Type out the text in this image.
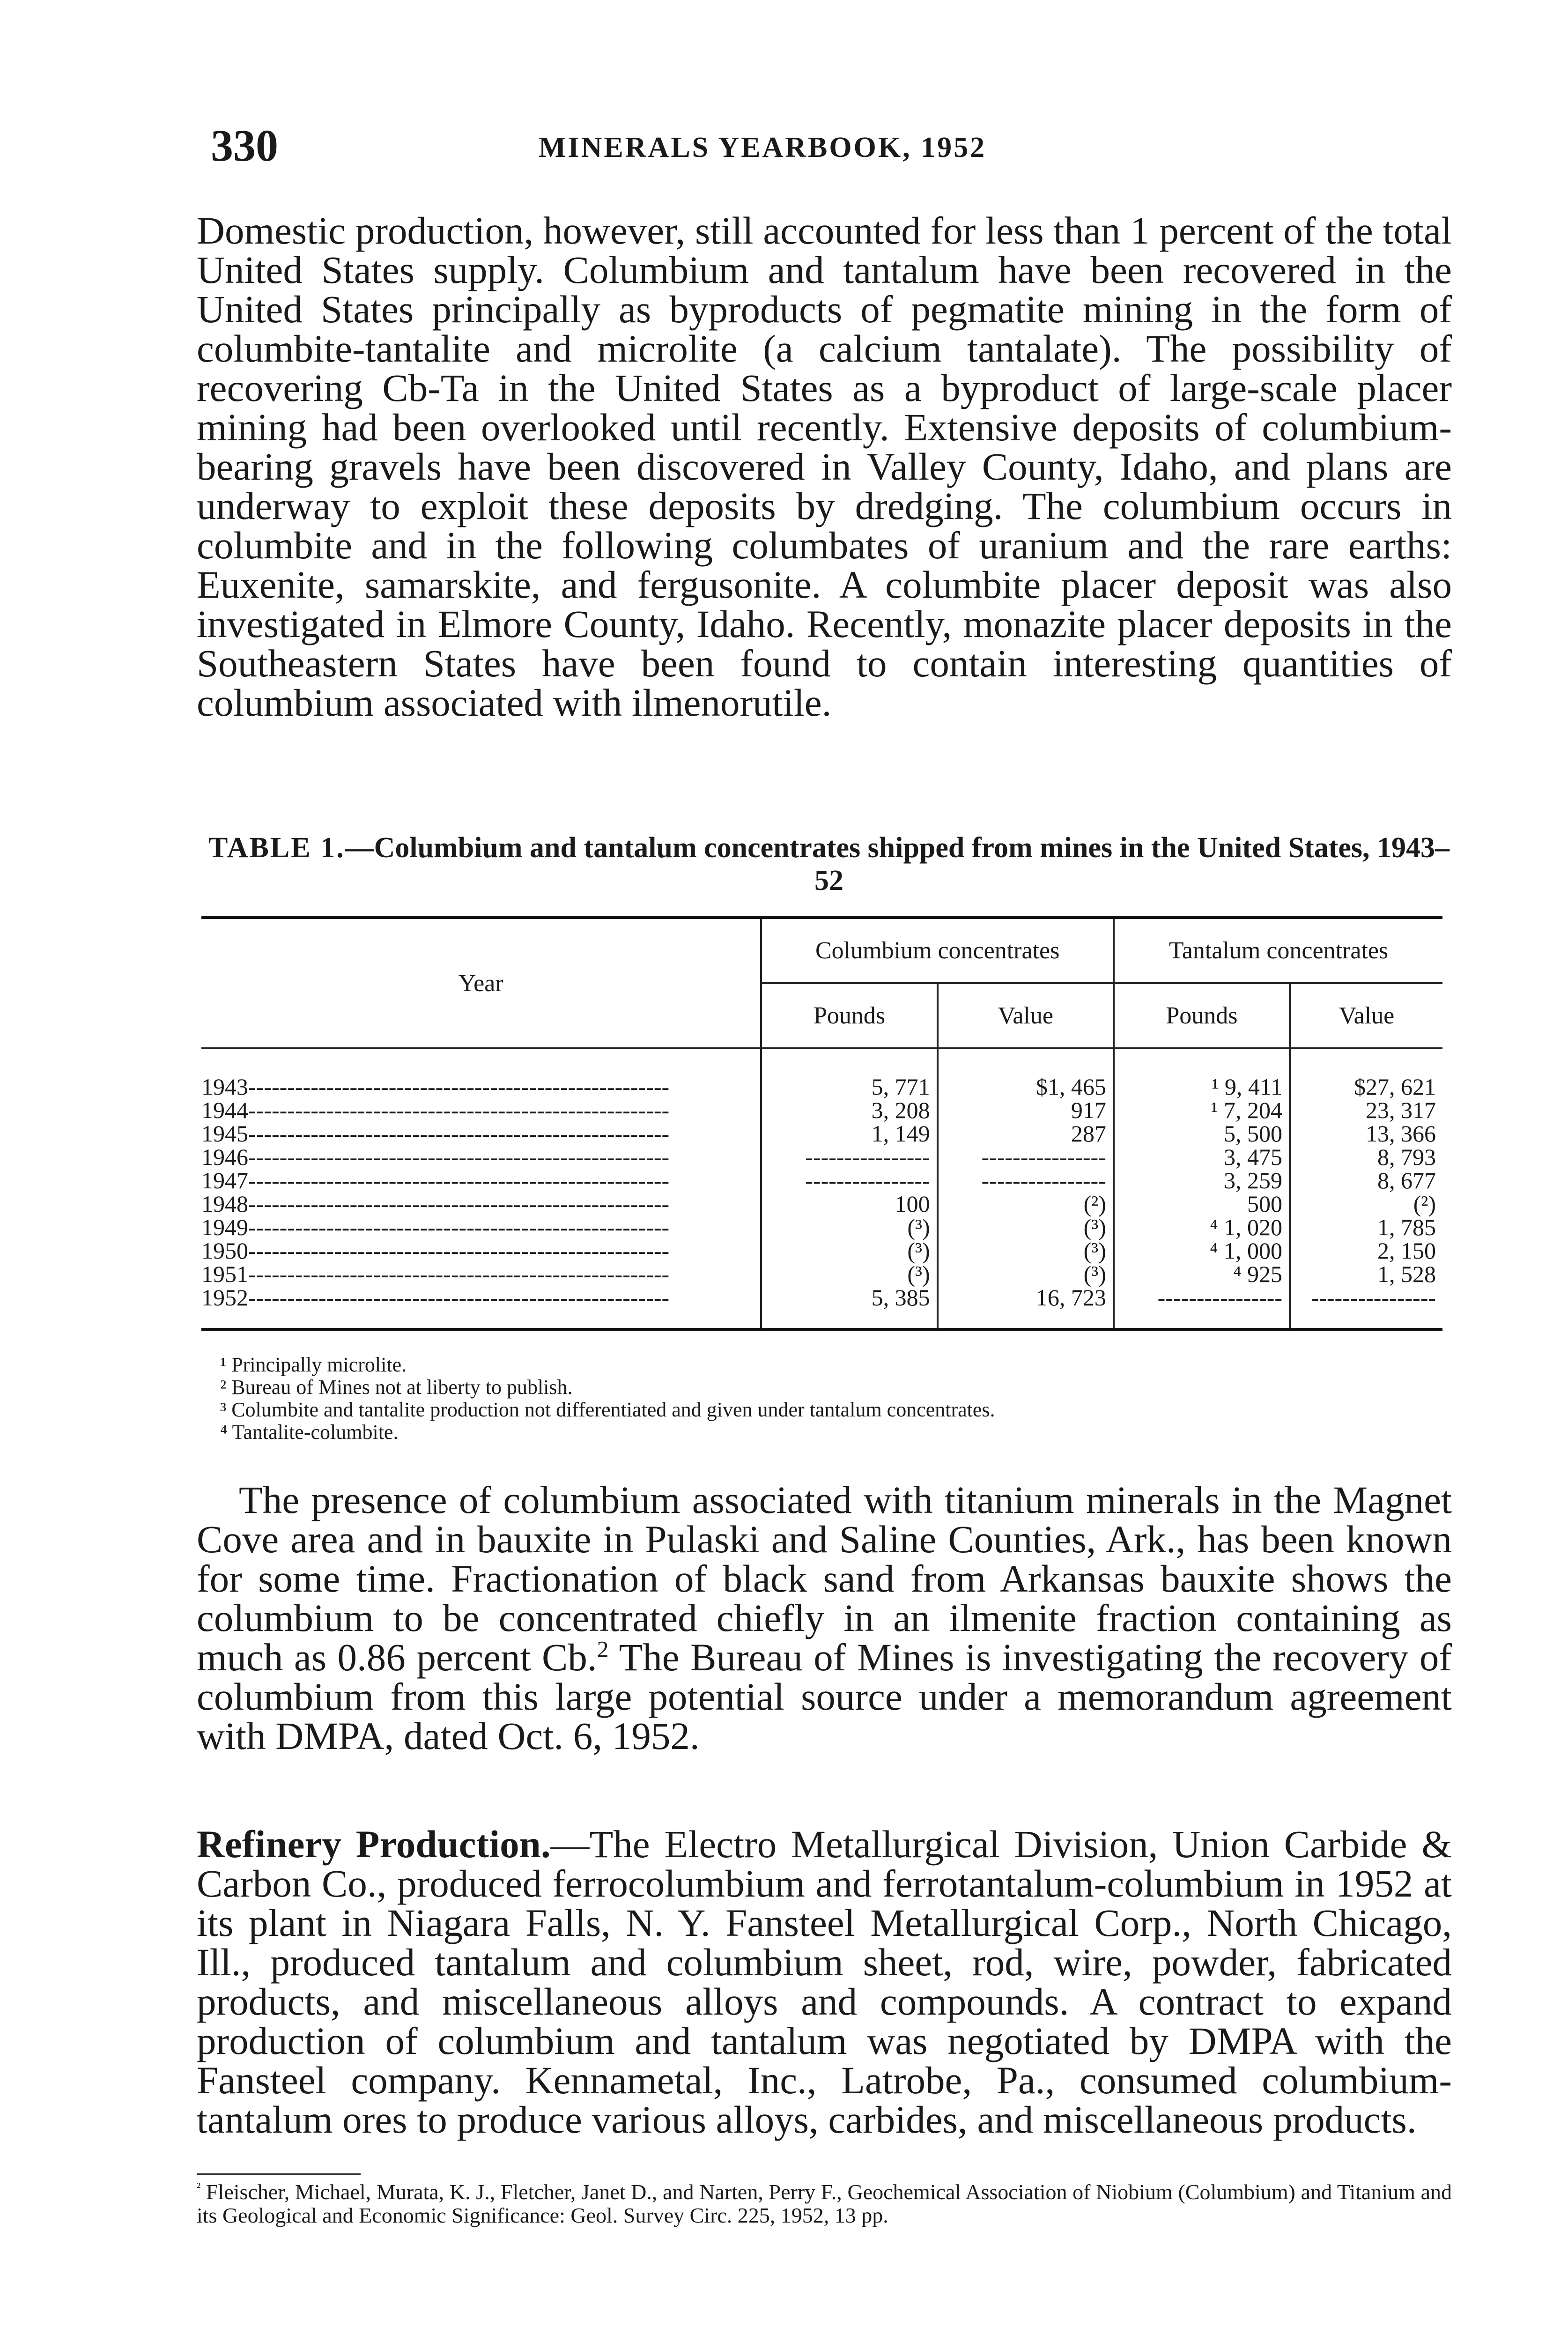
330	MINERALS YEARBOOK, 1952

Domestic production, however, still accounted for less than 1 percent of the total United States supply. Columbium and tantalum have been recovered in the United States principally as byproducts of pegmatite mining in the form of columbite-tantalite and microlite (a calcium tantalate). The possibility of recovering Cb-Ta in the United States as a byproduct of large-scale placer mining had been overlooked until recently. Extensive deposits of columbium-bearing gravels have been discovered in Valley County, Idaho, and plans are underway to exploit these deposits by dredging. The columbium occurs in columbite and in the following columbates of uranium and the rare earths: Euxenite, samarskite, and fergusonite. A columbite placer deposit was also investigated in Elmore County, Idaho. Recently, monazite placer deposits in the Southeastern States have been found to contain interesting quantities of columbium associated with ilmenorutile.

TABLE 1.—Columbium and tantalum concentrates shipped from mines in the United States, 1943–52
Year	Columbium concentrates		Tantalum concentrates	
	Pounds	Value	Pounds	Value
1943------------------------------------------------------	5, 771	$1, 465	¹ 9, 411	$27, 621
1944------------------------------------------------------	3, 208	917	¹ 7, 204	23, 317
1945------------------------------------------------------	1, 149	287	5, 500	13, 366
1946------------------------------------------------------	----------------	----------------	3, 475	8, 793
1947------------------------------------------------------	----------------	----------------	3, 259	8, 677
1948------------------------------------------------------	100	(²)	500	(²)
1949------------------------------------------------------	(³)	(³)	⁴ 1, 020	1, 785
1950------------------------------------------------------	(³)	(³)	⁴ 1, 000	2, 150
1951------------------------------------------------------	(³)	(³)	⁴ 925	1, 528
1952------------------------------------------------------	5, 385	16, 723	----------------	----------------
¹ Principally microlite.
² Bureau of Mines not at liberty to publish.
³ Columbite and tantalite production not differentiated and given under tantalum concentrates.
⁴ Tantalite-columbite.

The presence of columbium associated with titanium minerals in the Magnet Cove area and in bauxite in Pulaski and Saline Counties, Ark., has been known for some time. Fractionation of black sand from Arkansas bauxite shows the columbium to be concentrated chiefly in an ilmenite fraction containing as much as 0.86 percent Cb.$^2$ The Bureau of Mines is investigating the recovery of columbium from this large potential source under a memorandum agreement with DMPA, dated Oct. 6, 1952.

Refinery Production.—The Electro Metallurgical Division, Union Carbide & Carbon Co., produced ferrocolumbium and ferrotantalum-columbium in 1952 at its plant in Niagara Falls, N. Y. Fansteel Metallurgical Corp., North Chicago, Ill., produced tantalum and columbium sheet, rod, wire, powder, fabricated products, and miscellaneous alloys and compounds. A contract to expand production of columbium and tantalum was negotiated by DMPA with the Fansteel company. Kennametal, Inc., Latrobe, Pa., consumed columbium-tantalum ores to produce various alloys, carbides, and miscellaneous products.

$^{^2}$ Fleischer, Michael, Murata, K. J., Fletcher, Janet D., and Narten, Perry F., Geochemical Association of Niobium (Columbium) and Titanium and its Geological and Economic Significance: Geol. Survey Circ. 225, 1952, 13 pp.
